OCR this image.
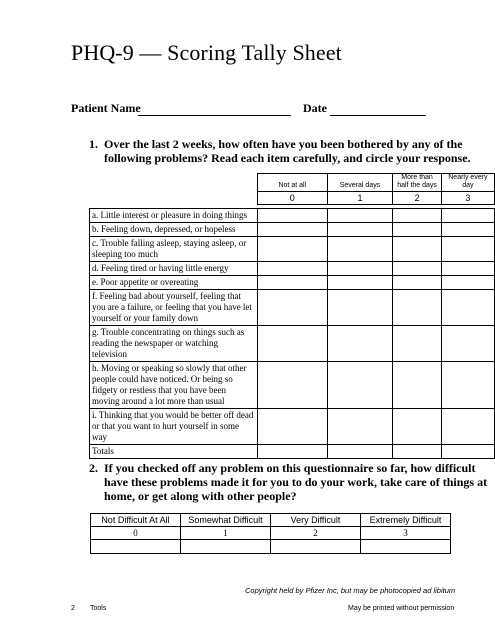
PHQ-9 — Scoring Tally Sheet
Patient Name	Date
1. Over the last 2 weeks, how often have you been bothered by any of the
following problems? Read each item carefully, and circle your response.
	Not at all	Several days	More than half the days	Nearly every day
	0	1	2	3

a. Little interest or pleasure in doing things				
b. Feeling down, depressed, or hopeless				
c. Trouble falling asleep, staying asleep, or sleeping too much				
d. Feeling tired or having little energy				
e. Poor appetite or overeating				
f. Feeling bad about yourself, feeling that you are a failure, or feeling that you have let yourself or your family down				
g. Trouble concentrating on things such as reading the newspaper or watching television				
h. Moving or speaking so slowly that other people could have noticed. Or being so fidgety or restless that you have been moving around a lot more than usual				
i. Thinking that you would be better off dead or that you want to hurt yourself in some way				
Totals				
2. If you checked off any problem on this questionnaire so far, how difficult
have these problems made it for you to do your work, take care of things at
home, or get along with other people?
Not Difficult At All	Somewhat Difficult	Very Difficult	Extremely Difficult
0	1	2	3

Copyright held by Pfizer Inc, but may be photocopied ad libitum
2 Tools	May be printed without permission
